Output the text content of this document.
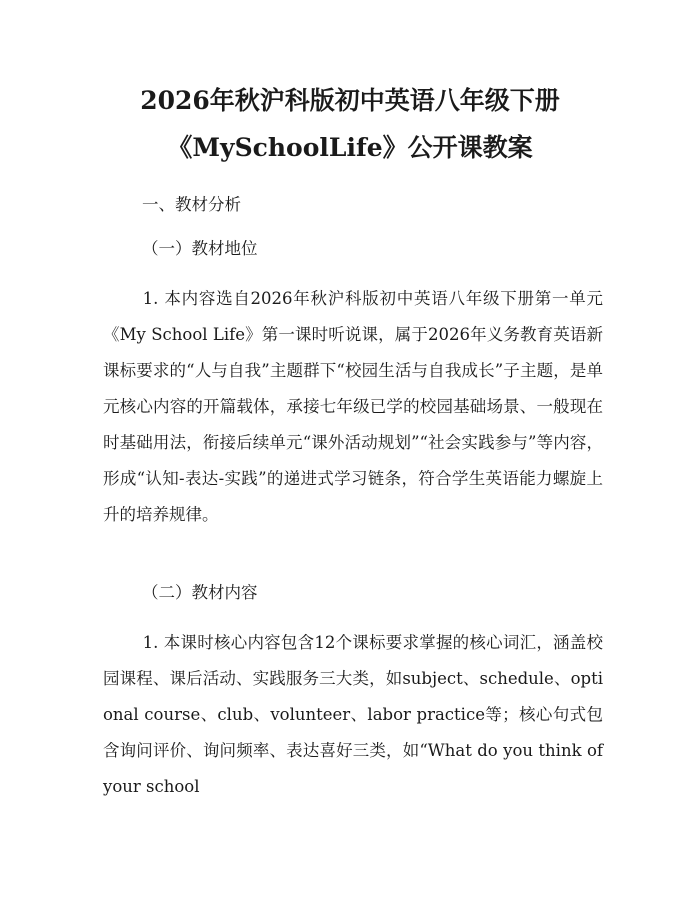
2026年秋沪科版初中英语八年级下册
《MySchoolLife》公开课教案
一、教材分析
（一）教材地位
1. 本内容选自2026年秋沪科版初中英语八年级下册第一单元《My School Life》第一课时听说课，属于2026年义务教育英语新课标要求的“人与自我”主题群下“校园生活与自我成长”子主题，是单元核心内容的开篇载体，承接七年级已学的校园基础场景、一般现在时基础用法，衔接后续单元“课外活动规划”“社会实践参与”等内容，形成“认知-表达-实践”的递进式学习链条，符合学生英语能力螺旋上升的培养规律。
（二）教材内容
1. 本课时核心内容包含12个课标要求掌握的核心词汇，涵盖校园课程、课后活动、实践服务三大类，如subject、schedule、optional course、club、volunteer、labor practice等；核心句式包含询问评价、询问频率、表达喜好三类，如“What do you think of your school
